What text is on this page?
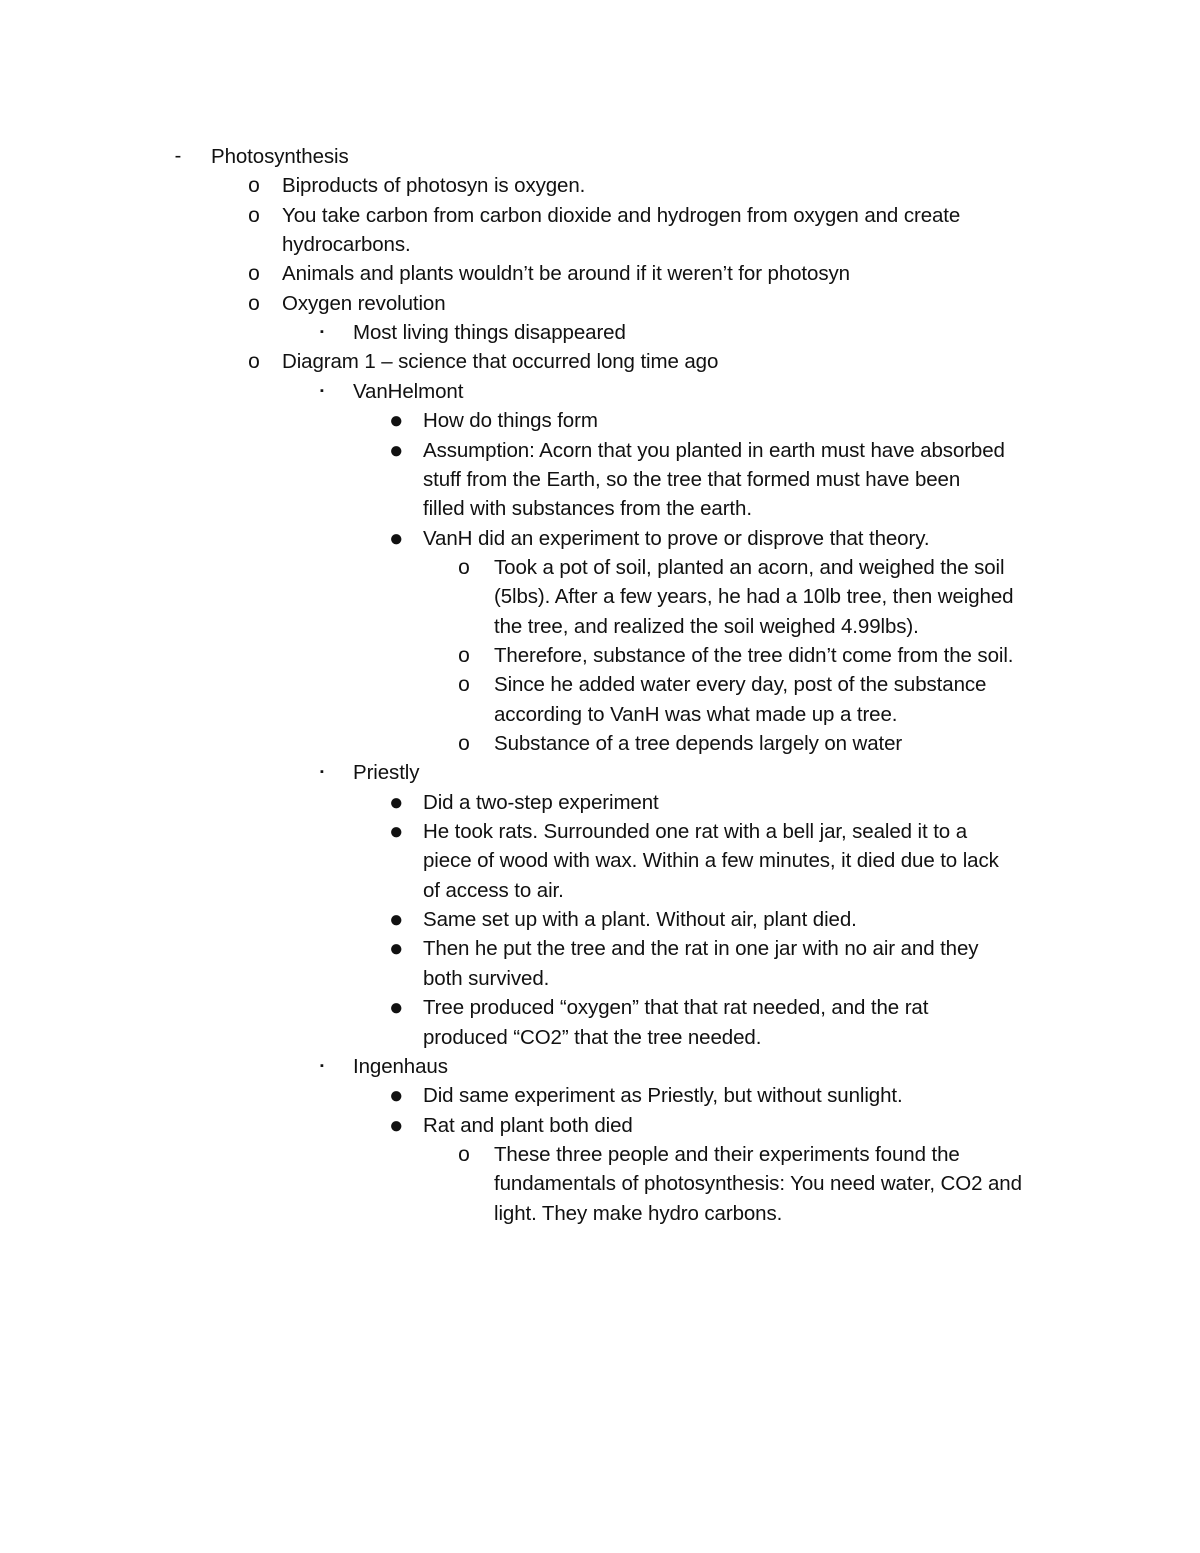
- Photosynthesis
o Biproducts of photosyn is oxygen.
o You take carbon from carbon dioxide and hydrogen from oxygen and create
hydrocarbons.
o Animals and plants wouldn’t be around if it weren’t for photosyn
o Oxygen revolution
▪ Most living things disappeared
o Diagram 1 – science that occurred long time ago
▪ VanHelmont
● How do things form
● Assumption: Acorn that you planted in earth must have absorbed
stuff from the Earth, so the tree that formed must have been
filled with substances from the earth.
● VanH did an experiment to prove or disprove that theory.
o Took a pot of soil, planted an acorn, and weighed the soil
(5lbs). After a few years, he had a 10lb tree, then weighed
the tree, and realized the soil weighed 4.99lbs).
o Therefore, substance of the tree didn’t come from the soil.
o Since he added water every day, post of the substance
according to VanH was what made up a tree.
o Substance of a tree depends largely on water
▪ Priestly
● Did a two-step experiment
● He took rats. Surrounded one rat with a bell jar, sealed it to a
piece of wood with wax. Within a few minutes, it died due to lack
of access to air.
● Same set up with a plant. Without air, plant died.
● Then he put the tree and the rat in one jar with no air and they
both survived.
● Tree produced “oxygen” that that rat needed, and the rat
produced “CO2” that the tree needed.
▪ Ingenhaus
● Did same experiment as Priestly, but without sunlight.
● Rat and plant both died
o These three people and their experiments found the
fundamentals of photosynthesis: You need water, CO2 and
light. They make hydro carbons.
